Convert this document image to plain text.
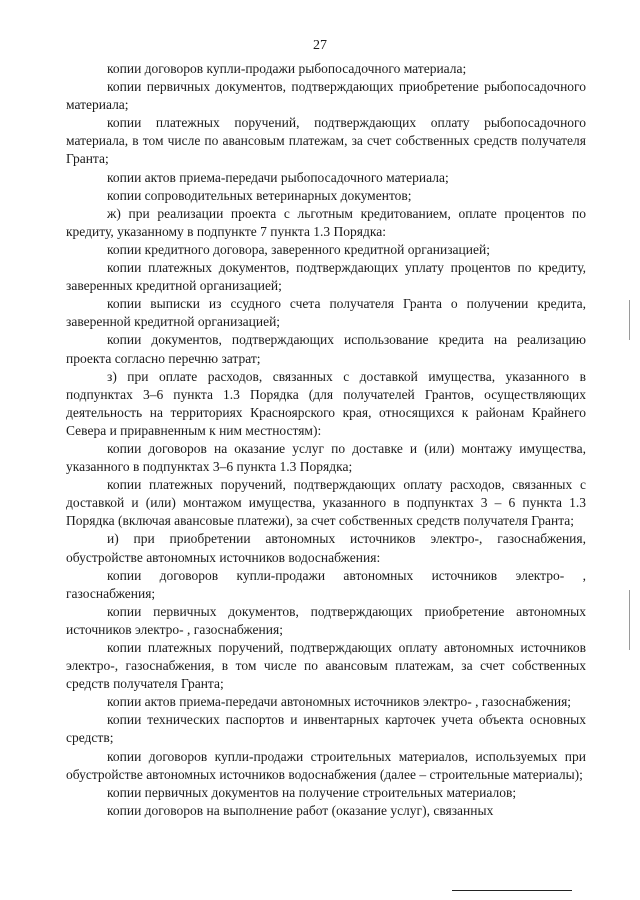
27

копии договоров купли-продажи рыбопосадочного материала;

копии первичных документов, подтверждающих приобретение рыбопосадочного материала;

копии платежных поручений, подтверждающих оплату рыбопосадочного материала, в том числе по авансовым платежам, за счет собственных средств получателя Гранта;

копии актов приема-передачи рыбопосадочного материала;

копии сопроводительных ветеринарных документов;

ж) при реализации проекта с льготным кредитованием, оплате процентов по кредиту, указанному в подпункте 7 пункта 1.3 Порядка:

копии кредитного договора, заверенного кредитной организацией;

копии платежных документов, подтверждающих уплату процентов по кредиту, заверенных кредитной организацией;

копии выписки из ссудного счета получателя Гранта о получении кредита, заверенной кредитной организацией;

копии документов, подтверждающих использование кредита на реализацию проекта согласно перечню затрат;

з) при оплате расходов, связанных с доставкой имущества, указанного в подпунктах 3–6 пункта 1.3 Порядка (для получателей Грантов, осуществляющих деятельность на территориях Красноярского края, относящихся к районам Крайнего Севера и приравненным к ним местностям):

копии договоров на оказание услуг по доставке и (или) монтажу имущества, указанного в подпунктах 3–6 пункта 1.3 Порядка;

копии платежных поручений, подтверждающих оплату расходов, связанных с доставкой и (или) монтажом имущества, указанного в подпунктах 3 – 6 пункта 1.3 Порядка (включая авансовые платежи), за счет собственных средств получателя Гранта;

и) при приобретении автономных источников электро-, газоснабжения, обустройстве автономных источников водоснабжения:

копии договоров купли-продажи автономных источников электро- , газоснабжения;

копии первичных документов, подтверждающих приобретение автономных источников электро- , газоснабжения;

копии платежных поручений, подтверждающих оплату автономных источников электро-, газоснабжения, в том числе по авансовым платежам, за счет собственных средств получателя Гранта;

копии актов приема-передачи автономных источников электро- , газоснабжения;

копии технических паспортов и инвентарных карточек учета объекта основных средств;

копии договоров купли-продажи строительных материалов, используемых при обустройстве автономных источников водоснабжения (далее – строительные материалы);

копии первичных документов на получение строительных материалов;

копии договоров на выполнение работ (оказание услуг), связанных
